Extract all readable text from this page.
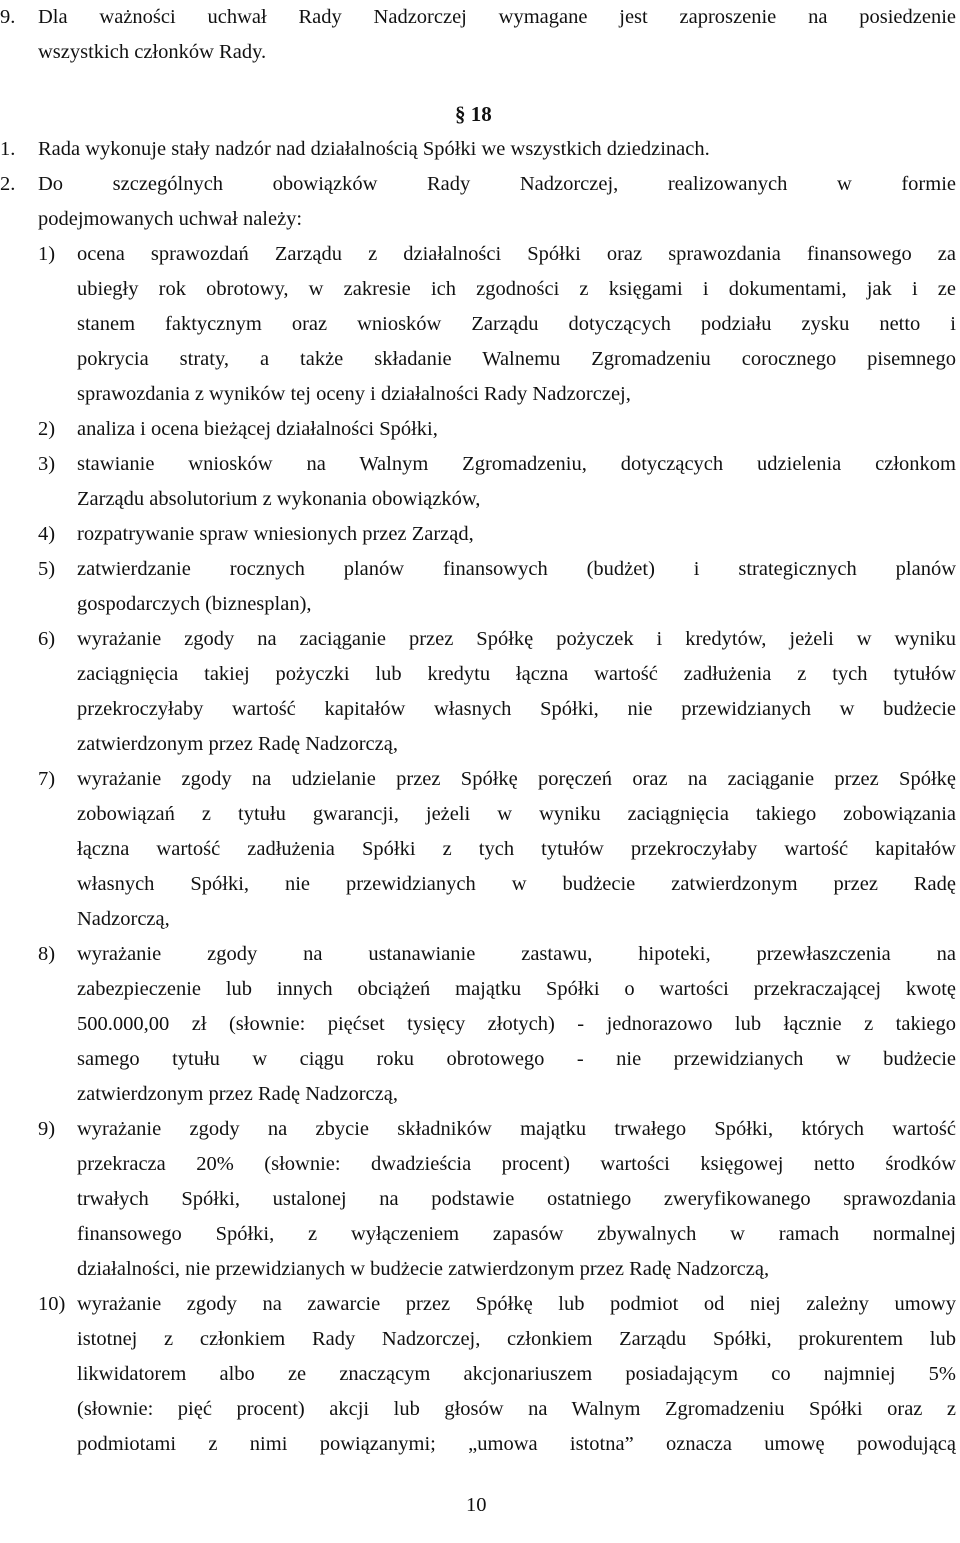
9. Dla ważności uchwał Rady Nadzorczej wymagane jest zaproszenie na posiedzenie
wszystkich członków Rady.
§ 18
1. Rada wykonuje stały nadzór nad działalnością Spółki we wszystkich dziedzinach.
2. Do szczególnych obowiązków Rady Nadzorczej, realizowanych w formie
podejmowanych uchwał należy:
1) ocena sprawozdań Zarządu z działalności Spółki oraz sprawozdania finansowego za
ubiegły rok obrotowy, w zakresie ich zgodności z księgami i dokumentami, jak i ze
stanem faktycznym oraz wniosków Zarządu dotyczących podziału zysku netto i
pokrycia straty, a także składanie Walnemu Zgromadzeniu corocznego pisemnego
sprawozdania z wyników tej oceny i działalności Rady Nadzorczej,
2) analiza i ocena bieżącej działalności Spółki,
3) stawianie wniosków na Walnym Zgromadzeniu, dotyczących udzielenia członkom
Zarządu absolutorium z wykonania obowiązków,
4) rozpatrywanie spraw wniesionych przez Zarząd,
5) zatwierdzanie rocznych planów finansowych (budżet) i strategicznych planów
gospodarczych (biznesplan),
6) wyrażanie zgody na zaciąganie przez Spółkę pożyczek i kredytów, jeżeli w wyniku
zaciągnięcia takiej pożyczki lub kredytu łączna wartość zadłużenia z tych tytułów
przekroczyłaby wartość kapitałów własnych Spółki, nie przewidzianych w budżecie
zatwierdzonym przez Radę Nadzorczą,
7) wyrażanie zgody na udzielanie przez Spółkę poręczeń oraz na zaciąganie przez Spółkę
zobowiązań z tytułu gwarancji, jeżeli w wyniku zaciągnięcia takiego zobowiązania
łączna wartość zadłużenia Spółki z tych tytułów przekroczyłaby wartość kapitałów
własnych Spółki, nie przewidzianych w budżecie zatwierdzonym przez Radę
Nadzorczą,
8) wyrażanie zgody na ustanawianie zastawu, hipoteki, przewłaszczenia na
zabezpieczenie lub innych obciążeń majątku Spółki o wartości przekraczającej kwotę
500.000,00 zł (słownie: pięćset tysięcy złotych) - jednorazowo lub łącznie z takiego
samego tytułu w ciągu roku obrotowego - nie przewidzianych w budżecie
zatwierdzonym przez Radę Nadzorczą,
9) wyrażanie zgody na zbycie składników majątku trwałego Spółki, których wartość
przekracza 20% (słownie: dwadzieścia procent) wartości księgowej netto środków
trwałych Spółki, ustalonej na podstawie ostatniego zweryfikowanego sprawozdania
finansowego Spółki, z wyłączeniem zapasów zbywalnych w ramach normalnej
działalności, nie przewidzianych w budżecie zatwierdzonym przez Radę Nadzorczą,
10) wyrażanie zgody na zawarcie przez Spółkę lub podmiot od niej zależny umowy
istotnej z członkiem Rady Nadzorczej, członkiem Zarządu Spółki, prokurentem lub
likwidatorem albo ze znaczącym akcjonariuszem posiadającym co najmniej 5%
(słownie: pięć procent) akcji lub głosów na Walnym Zgromadzeniu Spółki oraz z
podmiotami z nimi powiązanymi; „umowa istotna” oznacza umowę powodującą
10
